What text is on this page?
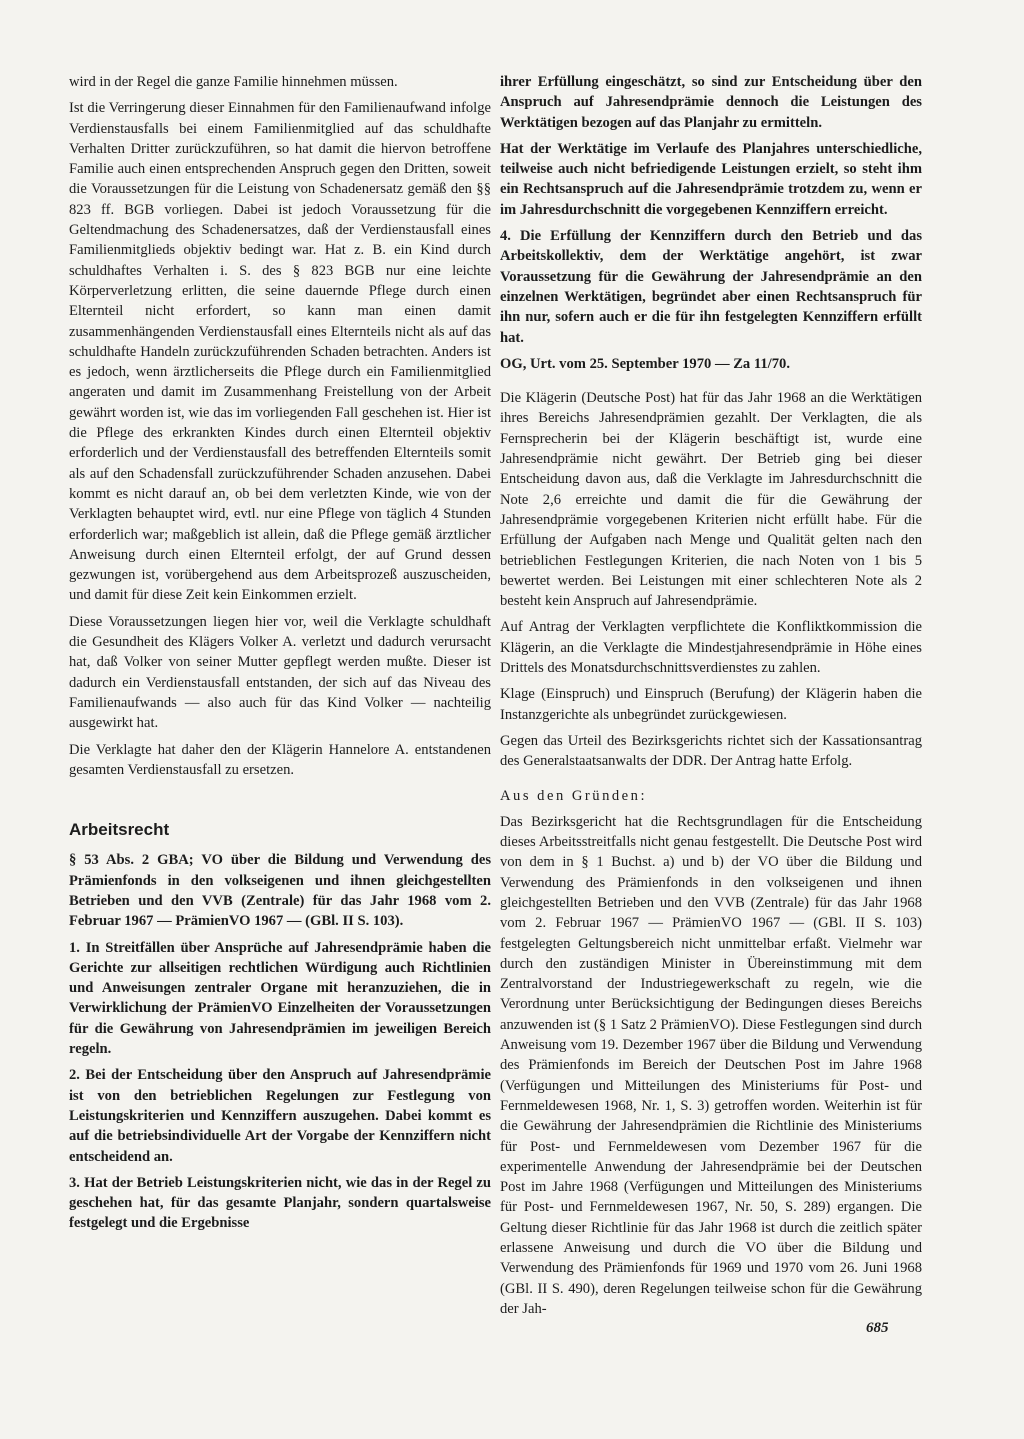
wird in der Regel die ganze Familie hinnehmen müssen.

Ist die Verringerung dieser Einnahmen für den Familienaufwand infolge Verdienstausfalls bei einem Familienmitglied auf das schuldhafte Verhalten Dritter zurückzuführen, so hat damit die hiervon betroffene Familie auch einen entsprechenden Anspruch gegen den Dritten, soweit die Voraussetzungen für die Leistung von Schadenersatz gemäß den §§ 823 ff. BGB vorliegen. Dabei ist jedoch Voraussetzung für die Geltendmachung des Schadenersatzes, daß der Verdienstausfall eines Familienmitglieds objektiv bedingt war. Hat z. B. ein Kind durch schuldhaftes Verhalten i. S. des § 823 BGB nur eine leichte Körperverletzung erlitten, die seine dauernde Pflege durch einen Elternteil nicht erfordert, so kann man einen damit zusammenhängenden Verdienstausfall eines Elternteils nicht als auf das schuldhafte Handeln zurückzuführenden Schaden betrachten. Anders ist es jedoch, wenn ärztlicherseits die Pflege durch ein Familienmitglied angeraten und damit im Zusammenhang Freistellung von der Arbeit gewährt worden ist, wie das im vorliegenden Fall geschehen ist. Hier ist die Pflege des erkrankten Kindes durch einen Elternteil objektiv erforderlich und der Verdienstausfall des betreffenden Elternteils somit als auf den Schadensfall zurückzuführender Schaden anzusehen. Dabei kommt es nicht darauf an, ob bei dem verletzten Kinde, wie von der Verklagten behauptet wird, evtl. nur eine Pflege von täglich 4 Stunden erforderlich war; maßgeblich ist allein, daß die Pflege gemäß ärztlicher Anweisung durch einen Elternteil erfolgt, der auf Grund dessen gezwungen ist, vorübergehend aus dem Arbeitsprozeß auszuscheiden, und damit für diese Zeit kein Einkommen erzielt.

Diese Voraussetzungen liegen hier vor, weil die Verklagte schuldhaft die Gesundheit des Klägers Volker A. verletzt und dadurch verursacht hat, daß Volker von seiner Mutter gepflegt werden mußte. Dieser ist dadurch ein Verdienstausfall entstanden, der sich auf das Niveau des Familienaufwands — also auch für das Kind Volker — nachteilig ausgewirkt hat.

Die Verklagte hat daher den der Klägerin Hannelore A. entstandenen gesamten Verdienstausfall zu ersetzen.

Arbeitsrecht

§ 53 Abs. 2 GBA; VO über die Bildung und Verwendung des Prämienfonds in den volkseigenen und ihnen gleichgestellten Betrieben und den VVB (Zentrale) für das Jahr 1968 vom 2. Februar 1967 — PrämienVO 1967 — (GBl. II S. 103).

1. In Streitfällen über Ansprüche auf Jahresendprämie haben die Gerichte zur allseitigen rechtlichen Würdigung auch Richtlinien und Anweisungen zentraler Organe mit heranzuziehen, die in Verwirklichung der PrämienVO Einzelheiten der Voraussetzungen für die Gewährung von Jahresendprämien im jeweiligen Bereich regeln.

2. Bei der Entscheidung über den Anspruch auf Jahresendprämie ist von den betrieblichen Regelungen zur Festlegung von Leistungskriterien und Kennziffern auszugehen. Dabei kommt es auf die betriebsindividuelle Art der Vorgabe der Kennziffern nicht entscheidend an.

3. Hat der Betrieb Leistungskriterien nicht, wie das in der Regel zu geschehen hat, für das gesamte Planjahr, sondern quartalsweise festgelegt und die Ergebnisse

ihrer Erfüllung eingeschätzt, so sind zur Entscheidung über den Anspruch auf Jahresendprämie dennoch die Leistungen des Werktätigen bezogen auf das Planjahr zu ermitteln.

Hat der Werktätige im Verlaufe des Planjahres unterschiedliche, teilweise auch nicht befriedigende Leistungen erzielt, so steht ihm ein Rechtsanspruch auf die Jahresendprämie trotzdem zu, wenn er im Jahresdurchschnitt die vorgegebenen Kennziffern erreicht.

4. Die Erfüllung der Kennziffern durch den Betrieb und das Arbeitskollektiv, dem der Werktätige angehört, ist zwar Voraussetzung für die Gewährung der Jahresendprämie an den einzelnen Werktätigen, begründet aber einen Rechtsanspruch für ihn nur, sofern auch er die für ihn festgelegten Kennziffern erfüllt hat.

OG, Urt. vom 25. September 1970 — Za 11/70.

Die Klägerin (Deutsche Post) hat für das Jahr 1968 an die Werktätigen ihres Bereichs Jahresendprämien gezahlt. Der Verklagten, die als Fernsprecherin bei der Klägerin beschäftigt ist, wurde eine Jahresendprämie nicht gewährt. Der Betrieb ging bei dieser Entscheidung davon aus, daß die Verklagte im Jahresdurchschnitt die Note 2,6 erreichte und damit die für die Gewährung der Jahresendprämie vorgegebenen Kriterien nicht erfüllt habe. Für die Erfüllung der Aufgaben nach Menge und Qualität gelten nach den betrieblichen Festlegungen Kriterien, die nach Noten von 1 bis 5 bewertet werden. Bei Leistungen mit einer schlechteren Note als 2 besteht kein Anspruch auf Jahresendprämie.

Auf Antrag der Verklagten verpflichtete die Konfliktkommission die Klägerin, an die Verklagte die Mindestjahresendprämie in Höhe eines Drittels des Monatsdurchschnittsverdienstes zu zahlen.

Klage (Einspruch) und Einspruch (Berufung) der Klägerin haben die Instanzgerichte als unbegründet zurückgewiesen.

Gegen das Urteil des Bezirksgerichts richtet sich der Kassationsantrag des Generalstaatsanwalts der DDR. Der Antrag hatte Erfolg.

Aus den Gründen:

Das Bezirksgericht hat die Rechtsgrundlagen für die Entscheidung dieses Arbeitsstreitfalls nicht genau festgestellt. Die Deutsche Post wird von dem in § 1 Buchst. a) und b) der VO über die Bildung und Verwendung des Prämienfonds in den volkseigenen und ihnen gleichgestellten Betrieben und den VVB (Zentrale) für das Jahr 1968 vom 2. Februar 1967 — PrämienVO 1967 — (GBl. II S. 103) festgelegten Geltungsbereich nicht unmittelbar erfaßt. Vielmehr war durch den zuständigen Minister in Übereinstimmung mit dem Zentralvorstand der Industriegewerkschaft zu regeln, wie die Verordnung unter Berücksichtigung der Bedingungen dieses Bereichs anzuwenden ist (§ 1 Satz 2 PrämienVO). Diese Festlegungen sind durch Anweisung vom 19. Dezember 1967 über die Bildung und Verwendung des Prämienfonds im Bereich der Deutschen Post im Jahre 1968 (Verfügungen und Mitteilungen des Ministeriums für Post- und Fernmeldewesen 1968, Nr. 1, S. 3) getroffen worden. Weiterhin ist für die Gewährung der Jahresendprämien die Richtlinie des Ministeriums für Post- und Fernmeldewesen vom Dezember 1967 für die experimentelle Anwendung der Jahresendprämie bei der Deutschen Post im Jahre 1968 (Verfügungen und Mitteilungen des Ministeriums für Post- und Fernmeldewesen 1967, Nr. 50, S. 289) ergangen. Die Geltung dieser Richtlinie für das Jahr 1968 ist durch die zeitlich später erlassene Anweisung und durch die VO über die Bildung und Verwendung des Prämienfonds für 1969 und 1970 vom 26. Juni 1968 (GBl. II S. 490), deren Regelungen teilweise schon für die Gewährung der Jah-

685
